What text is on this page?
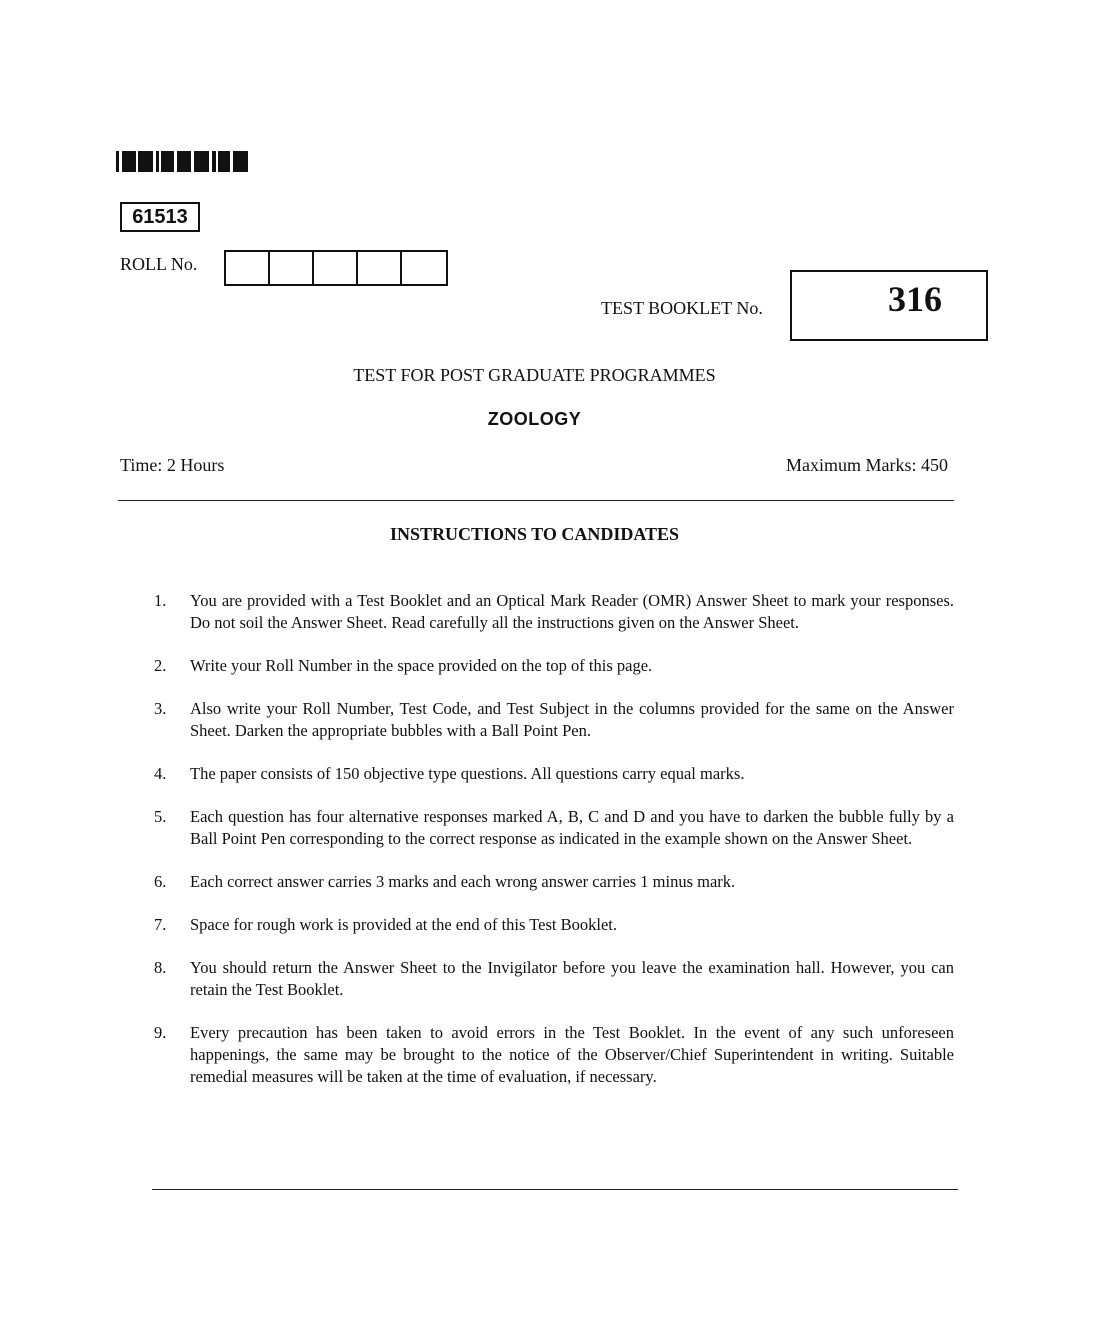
61513
ROLL No.
TEST BOOKLET No.	316
TEST FOR POST GRADUATE PROGRAMMES
ZOOLOGY
Time: 2 Hours	Maximum Marks: 450
INSTRUCTIONS TO CANDIDATES
1. You are provided with a Test Booklet and an Optical Mark Reader (OMR) Answer Sheet to mark your responses. Do not soil the Answer Sheet. Read carefully all the instructions given on the Answer Sheet.
2. Write your Roll Number in the space provided on the top of this page.
3. Also write your Roll Number, Test Code, and Test Subject in the columns provided for the same on the Answer Sheet. Darken the appropriate bubbles with a Ball Point Pen.
4. The paper consists of 150 objective type questions. All questions carry equal marks.
5. Each question has four alternative responses marked A, B, C and D and you have to darken the bubble fully by a Ball Point Pen corresponding to the correct response as indicated in the example shown on the Answer Sheet.
6. Each correct answer carries 3 marks and each wrong answer carries 1 minus mark.
7. Space for rough work is provided at the end of this Test Booklet.
8. You should return the Answer Sheet to the Invigilator before you leave the examination hall. However, you can retain the Test Booklet.
9. Every precaution has been taken to avoid errors in the Test Booklet. In the event of any such unforeseen happenings, the same may be brought to the notice of the Observer/Chief Superintendent in writing. Suitable remedial measures will be taken at the time of evaluation, if necessary.
